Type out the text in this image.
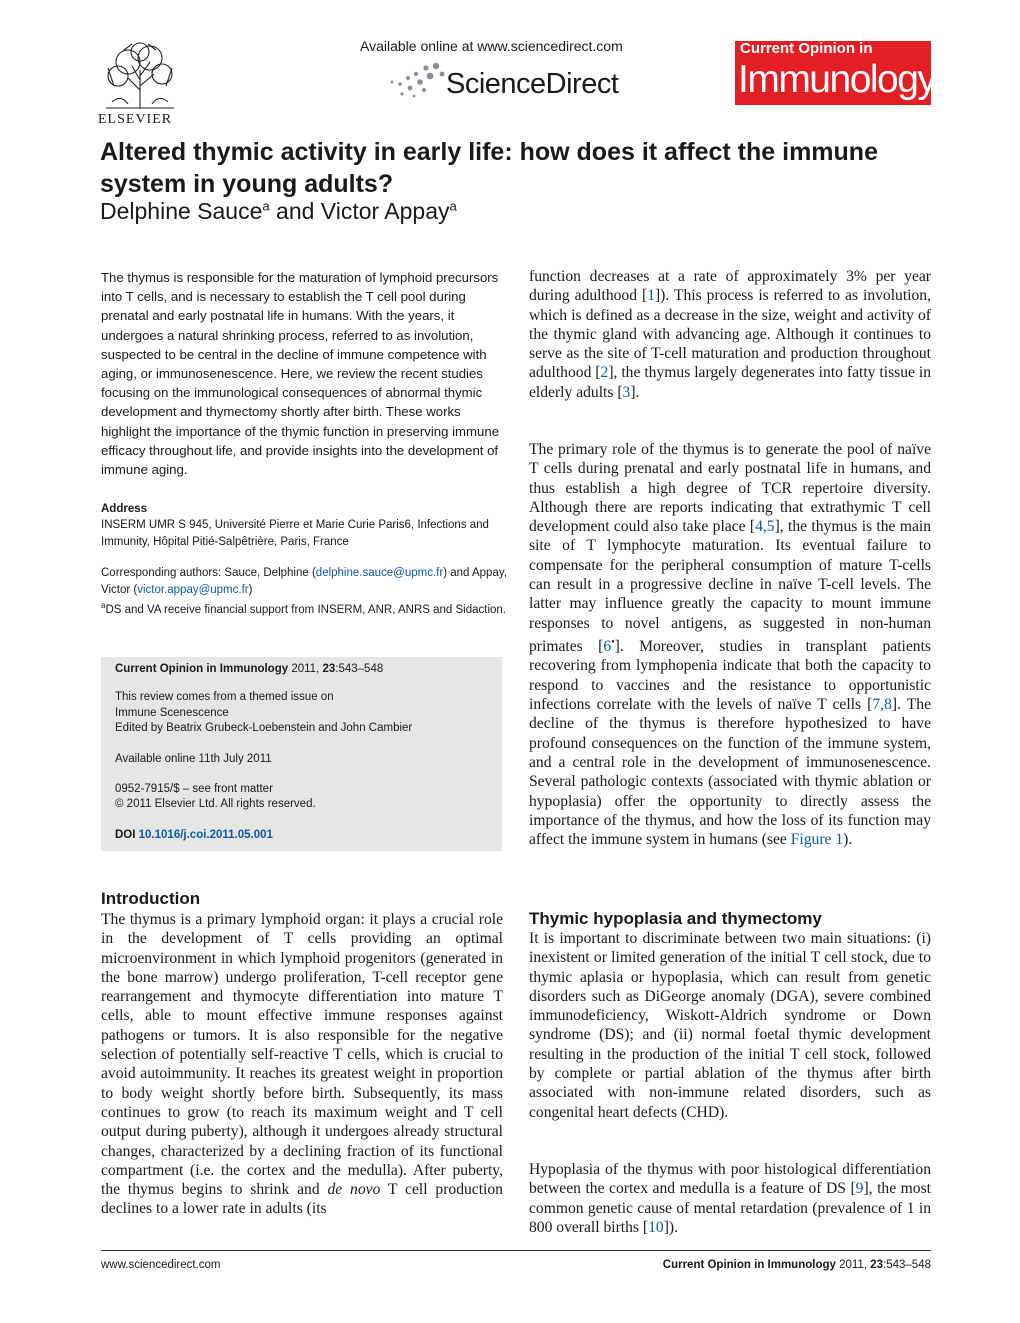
ELSEVIER
Available online at www.sciencedirect.com
ScienceDirect
Current Opinion in
Immunology
Altered thymic activity in early life: how does it affect the immune system in young adults?
Delphine Sauce$^a$ and Victor Appay$^a$
The thymus is responsible for the maturation of lymphoid precursors into T cells, and is necessary to establish the T cell pool during prenatal and early postnatal life in humans. With the years, it undergoes a natural shrinking process, referred to as involution, suspected to be central in the decline of immune competence with aging, or immunosenescence. Here, we review the recent studies focusing on the immunological consequences of abnormal thymic development and thymectomy shortly after birth. These works highlight the importance of the thymic function in preserving immune efficacy throughout life, and provide insights into the development of immune aging.
Address
INSERM UMR S 945, Université Pierre et Marie Curie Paris6, Infections and Immunity, Hôpital Pitié-Salpêtrière, Paris, France
Corresponding authors: Sauce, Delphine (delphine.sauce@upmc.fr) and Appay, Victor (victor.appay@upmc.fr)
$^a$DS and VA receive financial support from INSERM, ANR, ANRS and Sidaction.
Current Opinion in Immunology 2011, 23:543–548
This review comes from a themed issue on
Immune Scenescence
Edited by Beatrix Grubeck-Loebenstein and John Cambier
Available online 11th July 2011
0952-7915/$ – see front matter
© 2011 Elsevier Ltd. All rights reserved.
DOI 10.1016/j.coi.2011.05.001
Introduction
The thymus is a primary lymphoid organ: it plays a crucial role in the development of T cells providing an optimal microenvironment in which lymphoid progenitors (generated in the bone marrow) undergo proliferation, T-cell receptor gene rearrangement and thymocyte differentiation into mature T cells, able to mount effective immune responses against pathogens or tumors. It is also responsible for the negative selection of potentially self-reactive T cells, which is crucial to avoid autoimmunity. It reaches its greatest weight in proportion to body weight shortly before birth. Subsequently, its mass continues to grow (to reach its maximum weight and T cell output during puberty), although it undergoes already structural changes, characterized by a declining fraction of its functional compartment (i.e. the cortex and the medulla). After puberty, the thymus begins to shrink and de novo T cell production declines to a lower rate in adults (its
function decreases at a rate of approximately 3% per year during adulthood [1]). This process is referred to as involution, which is defined as a decrease in the size, weight and activity of the thymic gland with advancing age. Although it continues to serve as the site of T-cell maturation and production throughout adulthood [2], the thymus largely degenerates into fatty tissue in elderly adults [3].
The primary role of the thymus is to generate the pool of naïve T cells during prenatal and early postnatal life in humans, and thus establish a high degree of TCR repertoire diversity. Although there are reports indicating that extrathymic T cell development could also take place [4,5], the thymus is the main site of T lymphocyte maturation. Its eventual failure to compensate for the peripheral consumption of mature T-cells can result in a progressive decline in naïve T-cell levels. The latter may influence greatly the capacity to mount immune responses to novel antigens, as suggested in non-human primates [6•]. Moreover, studies in transplant patients recovering from lymphopenia indicate that both the capacity to respond to vaccines and the resistance to opportunistic infections correlate with the levels of naïve T cells [7,8]. The decline of the thymus is therefore hypothesized to have profound consequences on the function of the immune system, and a central role in the development of immunosenescence. Several pathologic contexts (associated with thymic ablation or hypoplasia) offer the opportunity to directly assess the importance of the thymus, and how the loss of its function may affect the immune system in humans (see Figure 1).
Thymic hypoplasia and thymectomy
It is important to discriminate between two main situations: (i) inexistent or limited generation of the initial T cell stock, due to thymic aplasia or hypoplasia, which can result from genetic disorders such as DiGeorge anomaly (DGA), severe combined immunodeficiency, Wiskott-Aldrich syndrome or Down syndrome (DS); and (ii) normal foetal thymic development resulting in the production of the initial T cell stock, followed by complete or partial ablation of the thymus after birth associated with non-immune related disorders, such as congenital heart defects (CHD).
Hypoplasia of the thymus with poor histological differentiation between the cortex and medulla is a feature of DS [9], the most common genetic cause of mental retardation (prevalence of 1 in 800 overall births [10]).
www.sciencedirect.com	Current Opinion in Immunology 2011, 23:543–548
